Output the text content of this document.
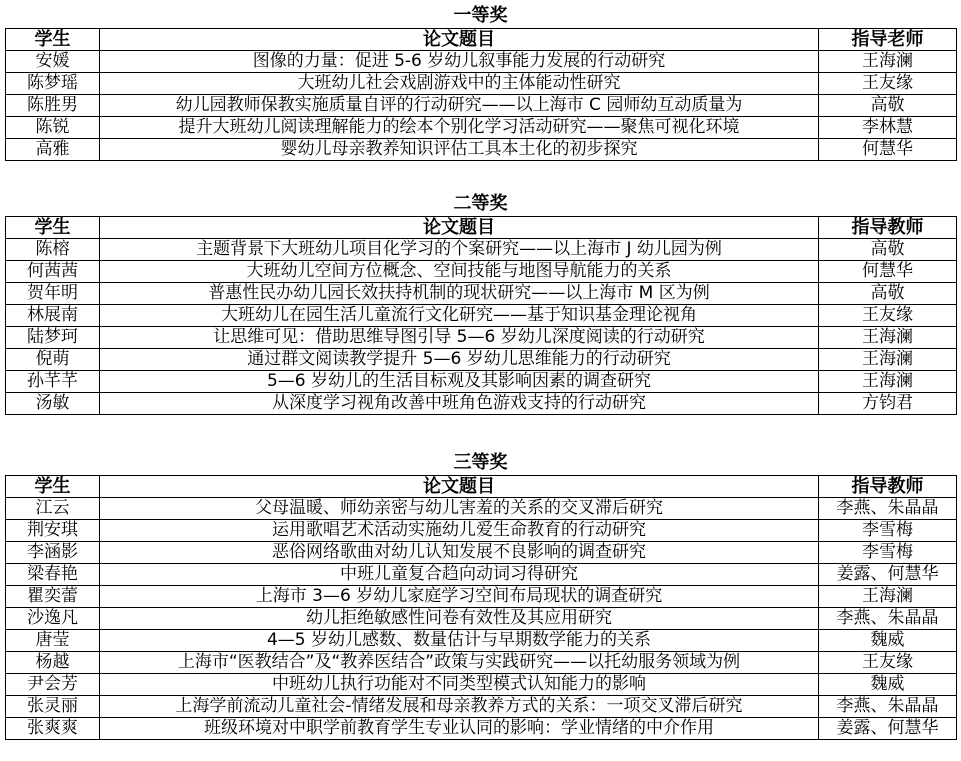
一等奖
学生	论文题目	指导老师
安媛	图像的力量：促进 5-6 岁幼儿叙事能力发展的行动研究	王海澜
陈梦瑶	大班幼儿社会戏剧游戏中的主体能动性研究	王友缘
陈胜男	幼儿园教师保教实施质量自评的行动研究——以上海市 C 园师幼互动质量为	高敬
陈锐	提升大班幼儿阅读理解能力的绘本个别化学习活动研究——聚焦可视化环境	李林慧
高雅	婴幼儿母亲教养知识评估工具本土化的初步探究	何慧华
二等奖
学生	论文题目	指导教师
陈榕	主题背景下大班幼儿项目化学习的个案研究——以上海市 J 幼儿园为例	高敬
何茜茜	大班幼儿空间方位概念、空间技能与地图导航能力的关系	何慧华
贺年明	普惠性民办幼儿园长效扶持机制的现状研究——以上海市 M 区为例	高敬
林展南	大班幼儿在园生活儿童流行文化研究——基于知识基金理论视角	王友缘
陆梦珂	让思维可见：借助思维导图引导 5—6 岁幼儿深度阅读的行动研究	王海澜
倪萌	通过群文阅读教学提升 5—6 岁幼儿思维能力的行动研究	王海澜
孙芊芊	5—6 岁幼儿的生活目标观及其影响因素的调查研究	王海澜
汤敏	从深度学习视角改善中班角色游戏支持的行动研究	方钧君
三等奖
学生	论文题目	指导教师
江云	父母温暖、师幼亲密与幼儿害羞的关系的交叉滞后研究	李燕、朱晶晶
荆安琪	运用歌唱艺术活动实施幼儿爱生命教育的行动研究	李雪梅
李涵影	恶俗网络歌曲对幼儿认知发展不良影响的调查研究	李雪梅
梁春艳	中班儿童复合趋向动词习得研究	姜露、何慧华
瞿奕蕾	上海市 3—6 岁幼儿家庭学习空间布局现状的调查研究	王海澜
沙逸凡	幼儿拒绝敏感性问卷有效性及其应用研究	李燕、朱晶晶
唐莹	4—5 岁幼儿感数、数量估计与早期数学能力的关系	魏威
杨越	上海市“医教结合”及“教养医结合”政策与实践研究——以托幼服务领域为例	王友缘
尹会芳	中班幼儿执行功能对不同类型模式认知能力的影响	魏威
张灵丽	上海学前流动儿童社会-情绪发展和母亲教养方式的关系：一项交叉滞后研究	李燕、朱晶晶
张爽爽	班级环境对中职学前教育学生专业认同的影响：学业情绪的中介作用	姜露、何慧华
